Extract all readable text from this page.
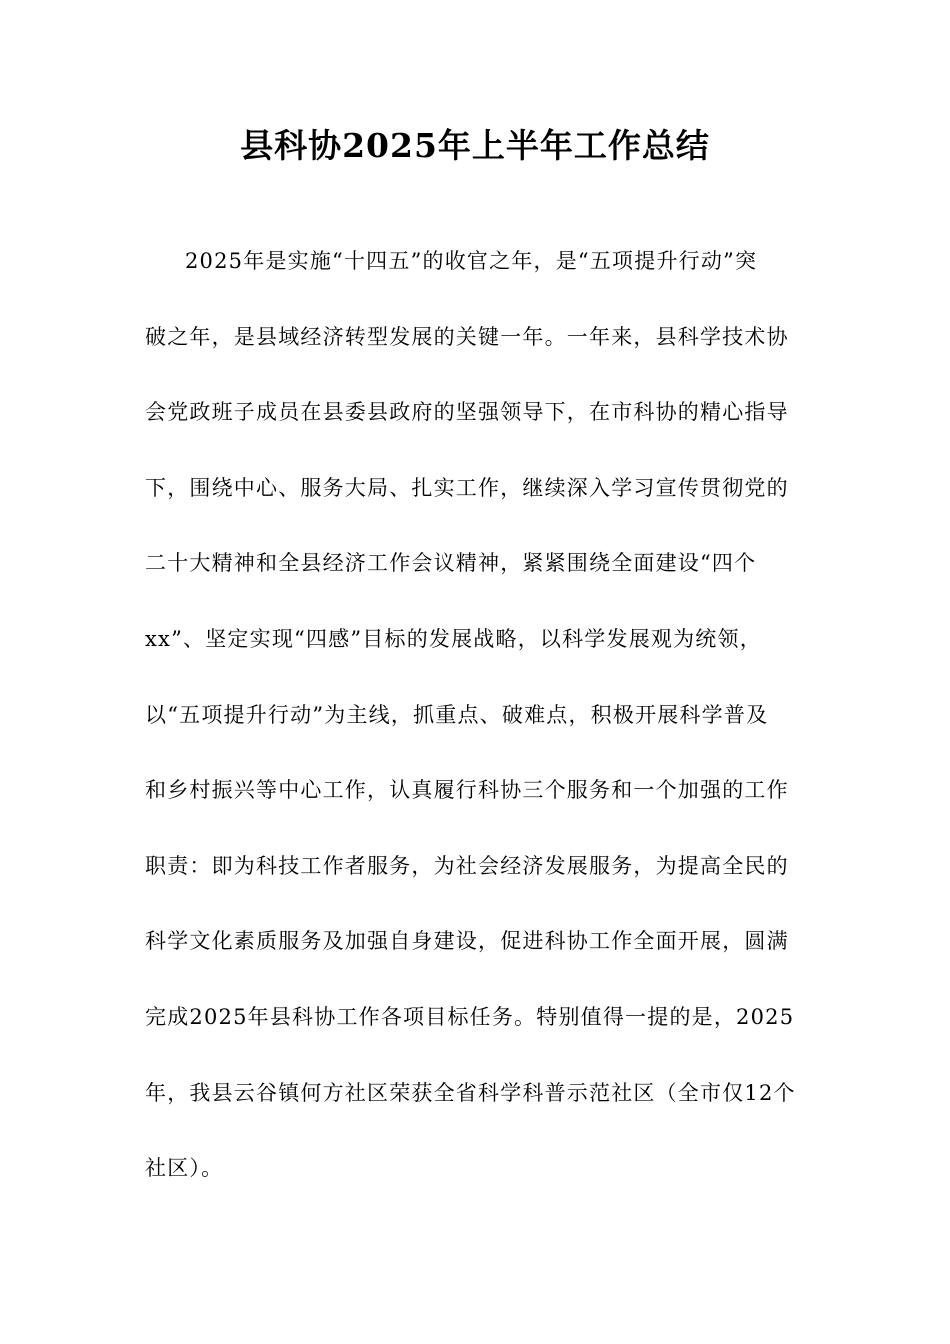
县科协2025年上半年工作总结
2025年是实施“十四五”的收官之年，是“五项提升行动”突
破之年，是县域经济转型发展的关键一年。一年来，县科学技术协
会党政班子成员在县委县政府的坚强领导下，在市科协的精心指导
下，围绕中心、服务大局、扎实工作，继续深入学习宣传贯彻党的
二十大精神和全县经济工作会议精神，紧紧围绕全面建设“四个
xx”、坚定实现“四感”目标的发展战略，以科学发展观为统领，
以“五项提升行动”为主线，抓重点、破难点，积极开展科学普及
和乡村振兴等中心工作，认真履行科协三个服务和一个加强的工作
职责：即为科技工作者服务，为社会经济发展服务，为提高全民的
科学文化素质服务及加强自身建设，促进科协工作全面开展，圆满
完成2025年县科协工作各项目标任务。特别值得一提的是，2025
年，我县云谷镇何方社区荣获全省科学科普示范社区（全市仅12个
社区）。
